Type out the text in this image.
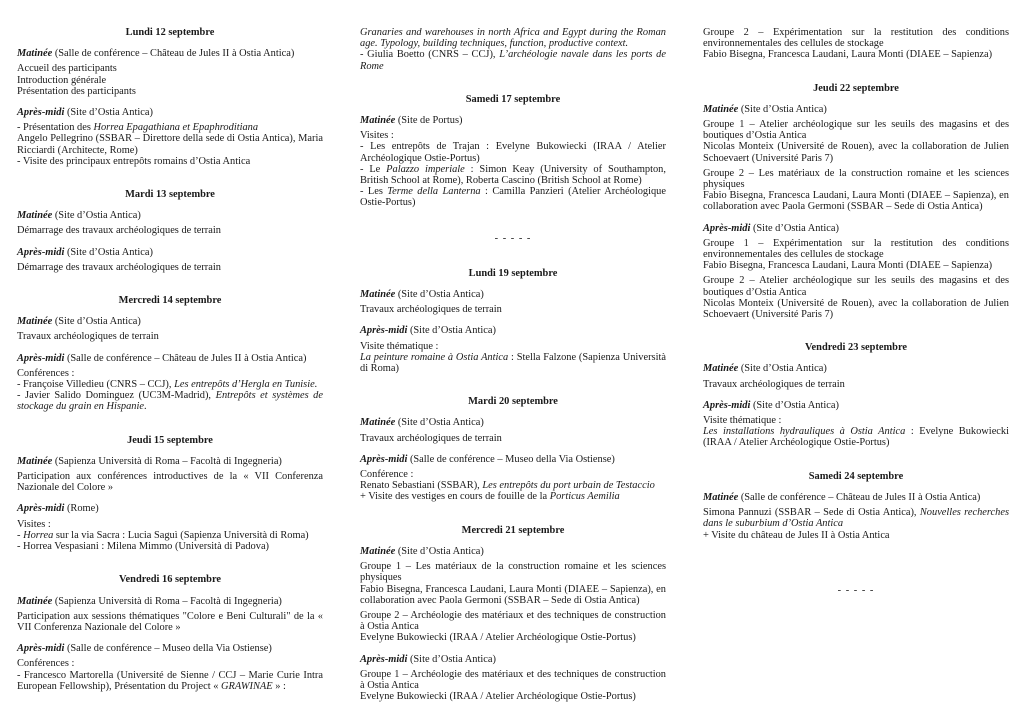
Lundi 12 septembre

Matinée (Salle de conférence – Château de Jules II à Ostia Antica)

Accueil des participants

Introduction générale

Présentation des participants

Après-midi (Site d’Ostia Antica)

- Présentation des Horrea Epagathiana et Epaphroditiana

Angelo Pellegrino (SSBAR – Direttore della sede di Ostia Antica), Maria Ricciardi (Architecte, Rome)

- Visite des principaux entrepôts romains d’Ostia Antica

Mardi 13 septembre

Matinée (Site d’Ostia Antica)

Démarrage des travaux archéologiques de terrain

Après-midi (Site d’Ostia Antica)

Démarrage des travaux archéologiques de terrain

Mercredi 14 septembre

Matinée (Site d’Ostia Antica)

Travaux archéologiques de terrain

Après-midi (Salle de conférence – Château de Jules II à Ostia Antica)

Conférences :

- Françoise Villedieu (CNRS – CCJ), Les entrepôts d’Hergla en Tunisie.

- Javier Salido Dominguez (UC3M-Madrid), Entrepôts et systèmes de stockage du grain en Hispanie.

Jeudi 15 septembre

Matinée (Sapienza Università di Roma – Facoltà di Ingegneria)

Participation aux conférences introductives de la « VII Conferenza Nazionale del Colore »

Après-midi (Rome)

Visites :

- Horrea sur la via Sacra : Lucia Saguì (Sapienza Università di Roma)

- Horrea Vespasiani : Milena Mimmo (Università di Padova)

Vendredi 16 septembre

Matinée (Sapienza Università di Roma – Facoltà di Ingegneria)

Participation aux sessions thématiques "Colore e Beni Culturali" de la « VII Conferenza Nazionale del Colore »

Après-midi (Salle de conférence – Museo della Via Ostiense)

Conférences :

- Francesco Martorella (Université de Sienne / CCJ – Marie Curie Intra European Fellowship), Présentation du Project « GRAWINAE » :

Granaries and warehouses in north Africa and Egypt during the Roman age. Typology, building techniques, function, productive context.

- Giulia Boetto (CNRS – CCJ), L’archéologie navale dans les ports de Rome

Samedi 17 septembre

Matinée (Site de Portus)

Visites :

- Les entrepôts de Trajan : Evelyne Bukowiecki (IRAA / Atelier Archéologique Ostie-Portus)

- Le Palazzo imperiale : Simon Keay (University of Southampton, British School at Rome), Roberta Cascino (British School at Rome)

- Les Terme della Lanterna : Camilla Panzieri (Atelier Archéologique Ostie-Portus)

- - - - -

Lundi 19 septembre

Matinée (Site d’Ostia Antica)

Travaux archéologiques de terrain

Après-midi (Site d’Ostia Antica)

Visite thématique :

La peinture romaine à Ostia Antica : Stella Falzone (Sapienza Università di Roma)

Mardi 20 septembre

Matinée (Site d’Ostia Antica)

Travaux archéologiques de terrain

Après-midi (Salle de conférence – Museo della Via Ostiense)

Conférence :

Renato Sebastiani (SSBAR), Les entrepôts du port urbain de Testaccio

+ Visite des vestiges en cours de fouille de la Porticus Aemilia

Mercredi 21 septembre

Matinée (Site d’Ostia Antica)

Groupe 1 – Les matériaux de la construction romaine et les sciences physiques

Fabio Bisegna, Francesca Laudani, Laura Monti (DIAEE – Sapienza), en collaboration avec Paola Germoni (SSBAR – Sede di Ostia Antica)

Groupe 2 – Archéologie des matériaux et des techniques de construction à Ostia Antica

Evelyne Bukowiecki (IRAA / Atelier Archéologique Ostie-Portus)

Après-midi (Site d’Ostia Antica)

Groupe 1 – Archéologie des matériaux et des techniques de construction à Ostia Antica

Evelyne Bukowiecki (IRAA / Atelier Archéologique Ostie-Portus)

Groupe 2 – Expérimentation sur la restitution des conditions environnementales des cellules de stockage

Fabio Bisegna, Francesca Laudani, Laura Monti (DIAEE – Sapienza)

Jeudi 22 septembre

Matinée (Site d’Ostia Antica)

Groupe 1 – Atelier archéologique sur les seuils des magasins et des boutiques d’Ostia Antica

Nicolas Monteix (Université de Rouen), avec la collaboration de Julien Schoevaert (Université Paris 7)

Groupe 2 – Les matériaux de la construction romaine et les sciences physiques

Fabio Bisegna, Francesca Laudani, Laura Monti (DIAEE – Sapienza), en collaboration avec Paola Germoni (SSBAR – Sede di Ostia Antica)

Après-midi (Site d’Ostia Antica)

Groupe 1 – Expérimentation sur la restitution des conditions environnementales des cellules de stockage

Fabio Bisegna, Francesca Laudani, Laura Monti (DIAEE – Sapienza)

Groupe 2 – Atelier archéologique sur les seuils des magasins et des boutiques d’Ostia Antica

Nicolas Monteix (Université de Rouen), avec la collaboration de Julien Schoevaert (Université Paris 7)

Vendredi 23 septembre

Matinée (Site d’Ostia Antica)

Travaux archéologiques de terrain

Après-midi (Site d’Ostia Antica)

Visite thématique :

Les installations hydrauliques à Ostia Antica : Evelyne Bukowiecki (IRAA / Atelier Archéologique Ostie-Portus)

Samedi 24 septembre

Matinée (Salle de conférence – Château de Jules II à Ostia Antica)

Simona Pannuzi (SSBAR – Sede di Ostia Antica), Nouvelles recherches dans le suburbium d’Ostia Antica

+ Visite du château de Jules II à Ostia Antica

- - - - -
